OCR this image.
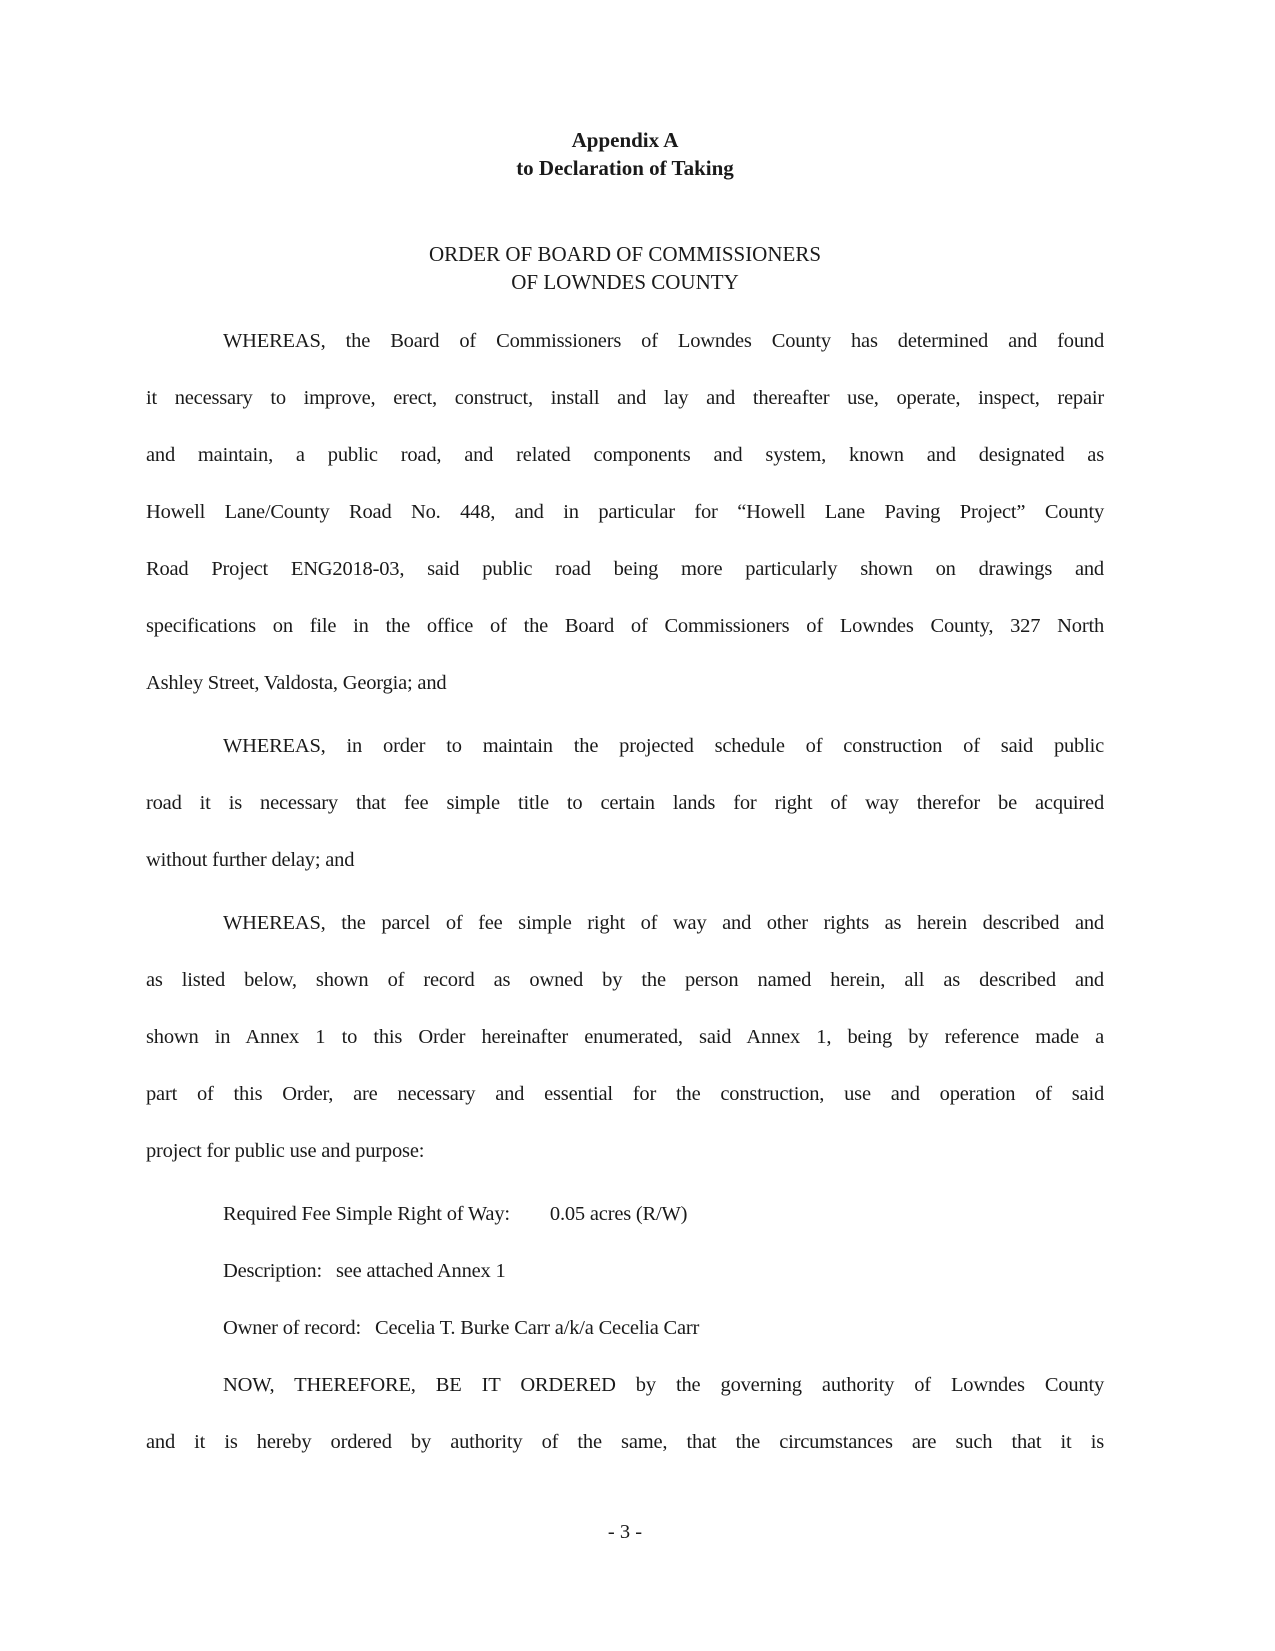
Appendix A
to Declaration of Taking
ORDER OF BOARD OF COMMISSIONERS
OF LOWNDES COUNTY
WHEREAS, the Board of Commissioners of Lowndes County has determined and found
it necessary to improve, erect, construct, install and lay and thereafter use, operate, inspect, repair
and maintain, a public road, and related components and system, known and designated as
Howell Lane/County Road No. 448, and in particular for “Howell Lane Paving Project” County
Road Project ENG2018-03, said public road being more particularly shown on drawings and
specifications on file in the office of the Board of Commissioners of Lowndes County, 327 North
Ashley Street, Valdosta, Georgia; and
WHEREAS, in order to maintain the projected schedule of construction of said public
road it is necessary that fee simple title to certain lands for right of way therefor be acquired
without further delay; and
WHEREAS, the parcel of fee simple right of way and other rights as herein described and
as listed below, shown of record as owned by the person named herein, all as described and
shown in Annex 1 to this Order hereinafter enumerated, said Annex 1, being by reference made a
part of this Order, are necessary and essential for the construction, use and operation of said
project for public use and purpose:
Required Fee Simple Right of Way: 0.05 acres (R/W)
Description: see attached Annex 1
Owner of record: Cecelia T. Burke Carr a/k/a Cecelia Carr
NOW, THEREFORE, BE IT ORDERED by the governing authority of Lowndes County
and it is hereby ordered by authority of the same, that the circumstances are such that it is
- 3 -
